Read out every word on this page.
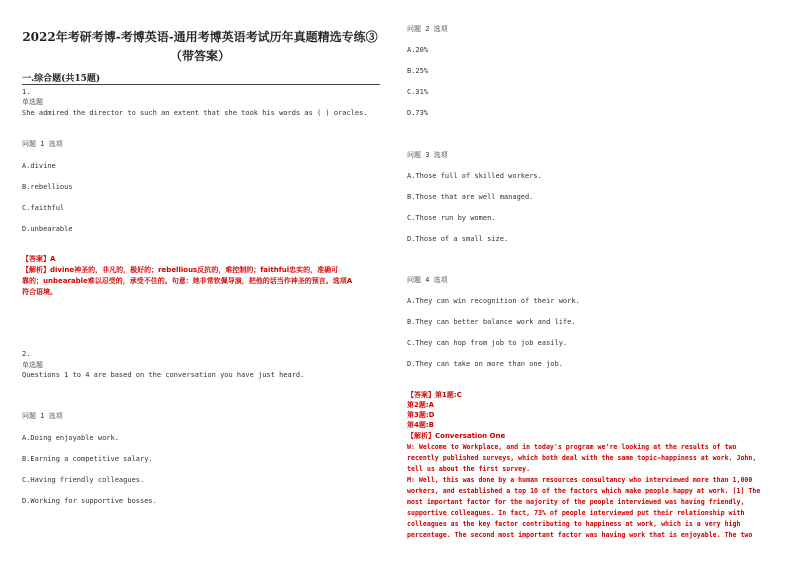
2022年考研考博-考博英语-通用考博英语考试历年真题精选专练③
（带答案）
一.综合题(共15题)
1.
单选题
She admired the director to such an extent that she took his words as ( ) oracles.
问题 1 选项
A.divine
B.rebellious
C.faithful
D.unbearable
【答案】A
【解析】divine神圣的，非凡的，极好的；rebellious反抗的，难控制的；faithful忠实的，准确可
靠的；unbearable难以忍受的，承受不住的。句意：她非常钦佩导演，把他的话当作神圣的预言。选项A
符合语境。
2.
单选题
Questions 1 to 4 are based on the conversation you have just heard.
问题 1 选项
A.Doing enjoyable work.
B.Earning a competitive salary.
C.Having friendly colleagues.
D.Working for supportive bosses.
问题 2 选项
A.20%
B.25%
C.31%
D.73%
问题 3 选项
A.Those full of skilled workers.
B.Those that are well managed.
C.Those run by women.
D.Those of a small size.
问题 4 选项
A.They can win recognition of their work.
B.They can better balance work and life.
C.They can hop from job to job easily.
D.They can take on more than one job.
【答案】第1题:C
第2题:A
第3题:D
第4题:B
【解析】Conversation One
W: Welcome to Workplace, and in today's program we're looking at the results of two
recently published surveys, which both deal with the same topic—happiness at work. John,
tell us about the first survey.
M: Well, this was done by a human resources consultancy who interviewed more than 1,000
workers, and established a top 10 of the factors which make people happy at work. [1] The
most important factor for the majority of the people interviewed was having friendly,
supportive colleagues. In fact, 73% of people interviewed put their relationship with
colleagues as the key factor contributing to happiness at work, which is a very high
percentage. The second most important factor was having work that is enjoyable. The two
